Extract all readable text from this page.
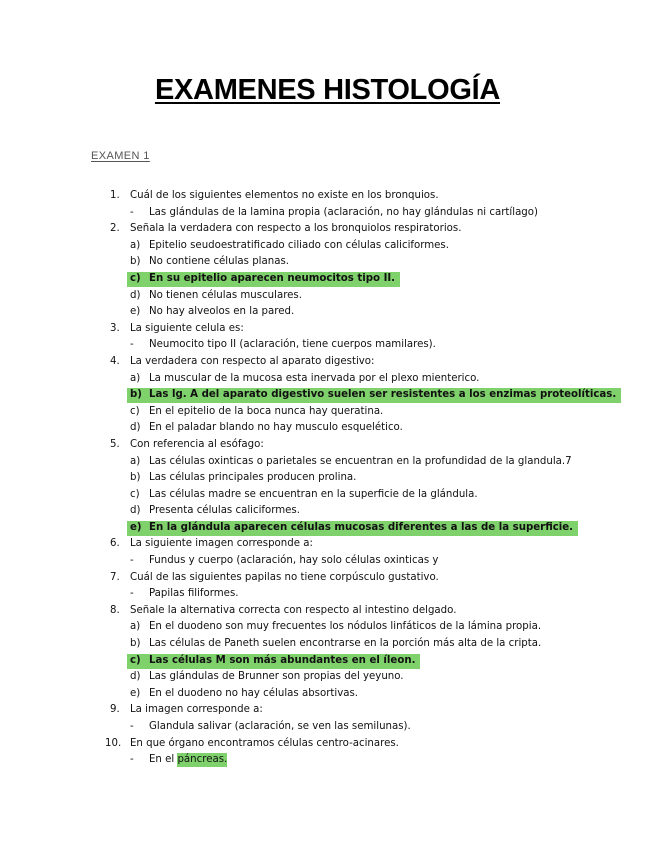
EXAMENES HISTOLOGÍA
EXAMEN 1
1. Cuál de los siguientes elementos no existe en los bronquios.
- Las glándulas de la lamina propia (aclaración, no hay glándulas ni cartílago)
2. Señala la verdadera con respecto a los bronquiolos respiratorios.
a) Epitelio seudoestratificado ciliado con células caliciformes.
b) No contiene células planas.
c) En su epitelio aparecen neumocitos tipo II.
d) No tienen células musculares.
e) No hay alveolos en la pared.
3. La siguiente celula es:
- Neumocito tipo II (aclaración, tiene cuerpos mamilares).
4. La verdadera con respecto al aparato digestivo:
a) La muscular de la mucosa esta inervada por el plexo mienterico.
b) Las lg. A del aparato digestivo suelen ser resistentes a los enzimas proteolíticas.
c) En el epitelio de la boca nunca hay queratina.
d) En el paladar blando no hay musculo esquelético.
5. Con referencia al esófago:
a) Las células oxinticas o parietales se encuentran en la profundidad de la glandula.7
b) Las células principales producen prolina.
c) Las células madre se encuentran en la superficie de la glándula.
d) Presenta células caliciformes.
e) En la glándula aparecen células mucosas diferentes a las de la superficie.
6. La siguiente imagen corresponde a:
- Fundus y cuerpo (aclaración, hay solo células oxinticas y
7. Cuál de las siguientes papilas no tiene corpúsculo gustativo.
- Papilas filiformes.
8. Señale la alternativa correcta con respecto al intestino delgado.
a) En el duodeno son muy frecuentes los nódulos linfáticos de la lámina propia.
b) Las células de Paneth suelen encontrarse en la porción más alta de la cripta.
c) Las células M son más abundantes en el íleon.
d) Las glándulas de Brunner son propias del yeyuno.
e) En el duodeno no hay células absortivas.
9. La imagen corresponde a:
- Glandula salivar (aclaración, se ven las semilunas).
10. En que órgano encontramos células centro-acinares.
- En el páncreas.
